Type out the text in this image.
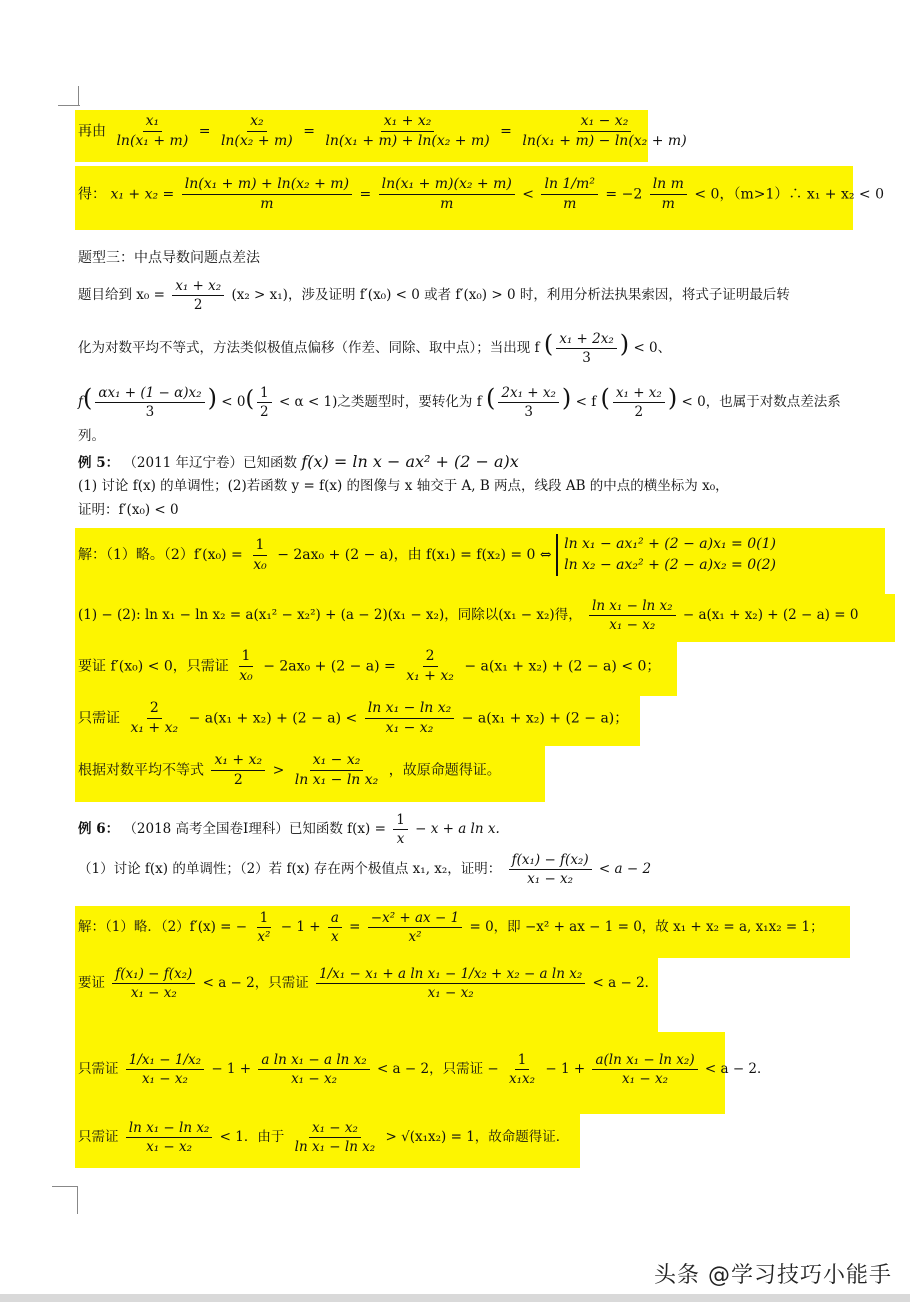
再由 $\frac{\text{x₁}}{\text{ln(x₁ + m)}} = \frac{\text{x₂}}{\text{ln(x₂ + m)}} = \frac{\text{x₁ + x₂}}{\text{ln(x₁ + m) + ln(x₂ + m)}} = \frac{\text{x₁ − x₂}}{\text{ln(x₁ + m) − ln(x₂ + m)}}$
得： $x_1 + x_2 = \frac{\text{ln(x₁ + m) + ln(x₂ + m)}}{m} = \frac{\text{ln(x₁ + m)(x₂ + m)}}{m} < \frac{\text{ln 1/m²}}{m} = -2 \frac{\text{ln m}}{m} < 0$，（m>1）∴ x₁ + x₂ < 0
题型三：中点导数问题点差法
题目给到 $x_0 = \frac{\text{x₁ + x₂}}{2} (x_2 > x_1)$，涉及证明 f′(x₀) < 0 或者 f′(x₀) > 0 时，利用分析法执果索因，将式子证明最后转
化为对数平均不等式，方法类似极值点偏移（作差、同除、取中点）；当出现 f ( $\frac{\text{x₁ + 2x₂}}{3}$ ) < 0、
$f( \frac{\text{αx₁ + (1 − α)x₂}}{3}$ ) < $0( \frac{1}{2} < \alpha < 1)$之类题型时，要转化为 f ( $\frac{\text{2x₁ + x₂}}{3}$ ) < f ( $\frac{\text{x₁ + x₂}}{2}$ ) < 0，也属于对数点差法系
列。
例 5： （2011 年辽宁卷）已知函数 f(x) = ln x − ax² + (2 − a)x
(1) 讨论 f(x) 的单调性；(2)若函数 y = f(x) 的图像与 x 轴交于 A, B 两点，线段 AB 的中点的横坐标为 x₀，
证明：f′(x₀) < 0
解：（1）略。$(2)f'(x_0) = \frac{1}{\text{x₀}} - 2ax_0 + (2 - a)$，由 f(x₁) = f(x₂) = 0 ⇔
ln x₁ − ax₁² + (2 − a)x₁ = 0(1)
ln x₂ − ax₂² + (2 − a)x₂ = 0(2)
(1) − (2): ln x₁ − ln x₂ = a(x₁² − x₂²) + (a − 2)(x₁ − x₂)，同除以(x₁ − x₂)得， $\frac{\text{ln x₁ − ln x₂}}{\text{x₁ − x₂}} - a(x_1 + x_2) + (2 - a) = 0$
要证 f′(x₀) < 0，只需证 $\frac{1}{\text{x₀}} - 2ax_0 + (2 - a) = \frac{2}{\text{x₁ + x₂}} - a(x_1 + x_2) + (2 - a) < 0$；
只需证 $\frac{2}{\text{x₁ + x₂}} - a(x_1 + x_2) + (2 - a) < \frac{\text{ln x₁ − ln x₂}}{\text{x₁ − x₂}} - a(x_1 + x_2) + (2 - a)$；
根据对数平均不等式 $\frac{\text{x₁ + x₂}}{2} > \frac{\text{x₁ − x₂}}{\text{ln x₁ − ln x₂}}$ ，故原命题得证。
例 6： （2018 高考全国卷Ⅰ理科）已知函数 $f(x) = \frac{1}{x} - x + a$ ln x.
（1）讨论 f(x) 的单调性；（2）若 f(x) 存在两个极值点 x₁, x₂，证明： $\frac{\text{f(x₁) − f(x₂)}}{\text{x₁ − x₂}} < a - 2$
解：（1）略．（2）f′(x) = − $\frac{1}{\text{x²}} - 1 + \frac{a}{x} = \frac{\text{−x² + ax − 1}}{\text{x²}} = 0$，即 −x² + ax − 1 = 0，故 x₁ + x₂ = a, x₁x₂ = 1；
要证 $\frac{\text{f(x₁) − f(x₂)}}{\text{x₁ − x₂}} < a - 2$，只需证 $\frac{\text{1/x₁ − x₁ + a ln x₁ − 1/x₂ + x₂ − a ln x₂}}{\text{x₁ − x₂}} < a - 2$．
只需证 $\frac{\text{1/x₁ − 1/x₂}}{\text{x₁ − x₂}} - 1 + \frac{\text{a ln x₁ − a ln x₂}}{\text{x₁ − x₂}} < a - 2$，只需证 − $\frac{1}{\text{x₁x₂}} - 1 + \frac{\text{a(ln x₁ − ln x₂)}}{\text{x₁ − x₂}} < a - 2$．
只需证 $\frac{\text{ln x₁ − ln x₂}}{\text{x₁ − x₂}} < 1$．由于 $\frac{\text{x₁ − x₂}}{\text{ln x₁ − ln x₂}} > √(x_1x_2) = 1$，故命题得证．
头条 @学习技巧小能手
